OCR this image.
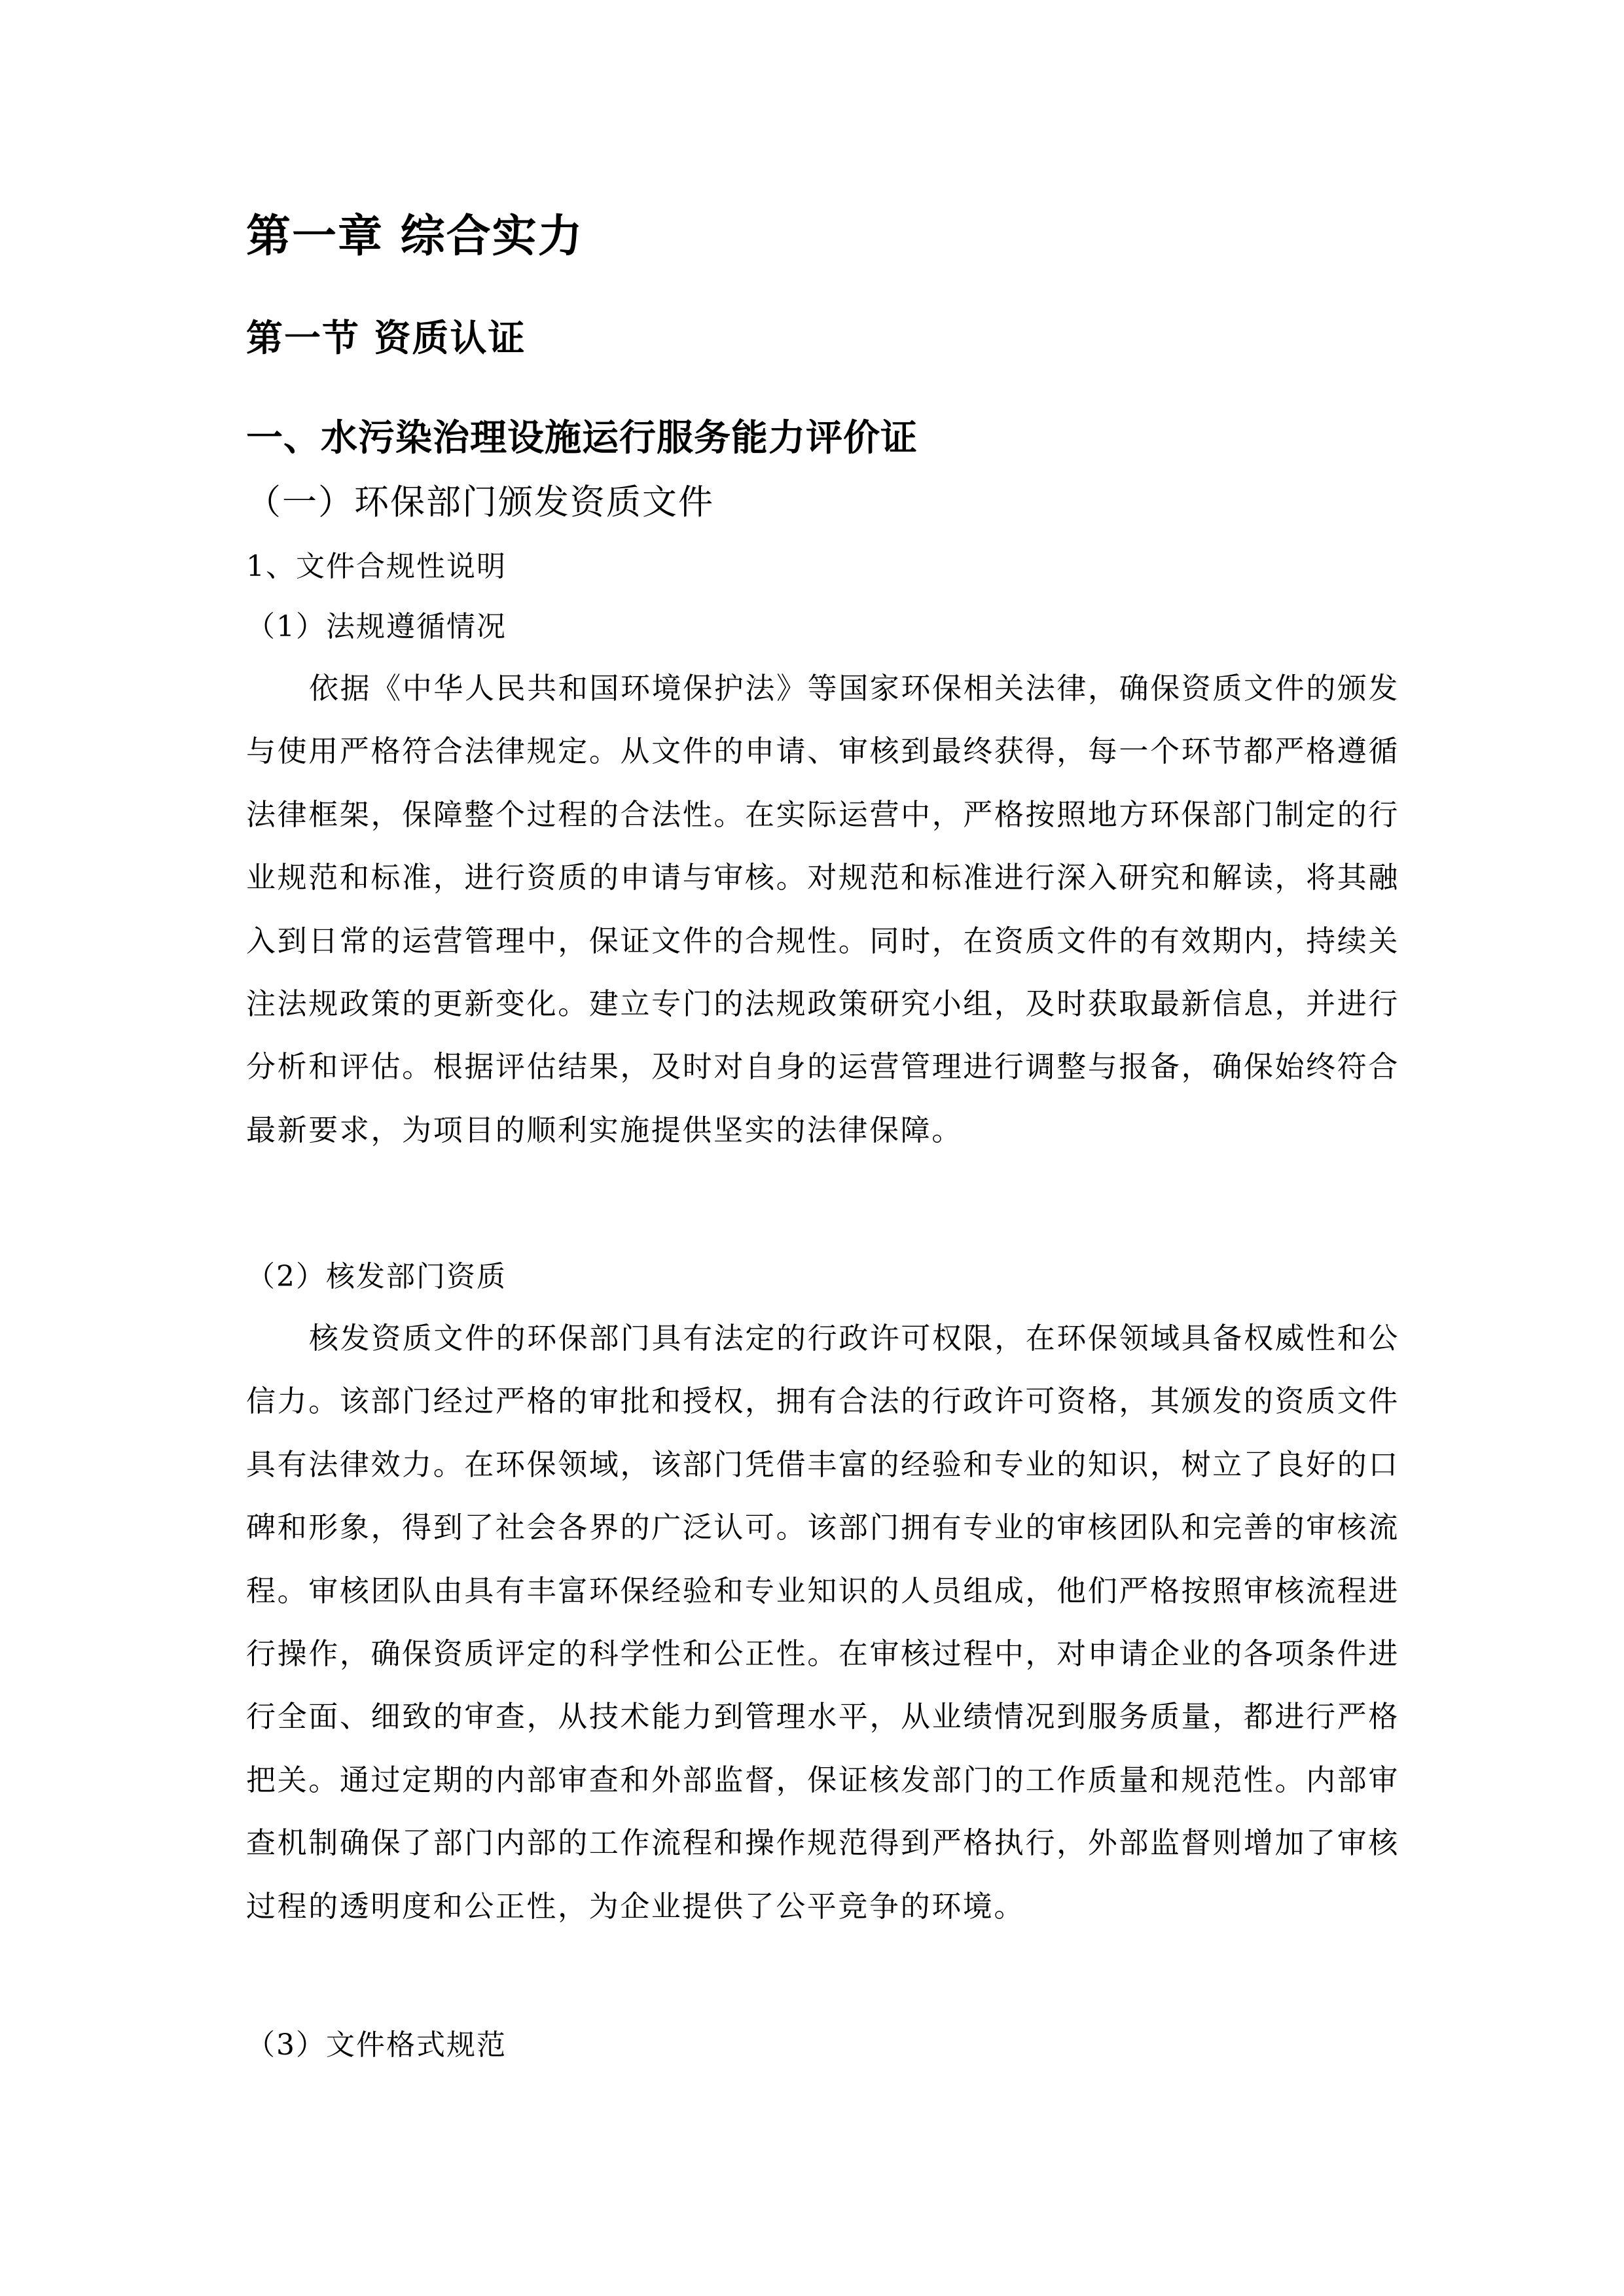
第一章 综合实力
第一节 资质认证
一、水污染治理设施运行服务能力评价证
（一）环保部门颁发资质文件
1、文件合规性说明
（1）法规遵循情况

依据《中华人民共和国环境保护法》等国家环保相关法律，确保资质文件的颁发与使用严格符合法律规定。从文件的申请、审核到最终获得，每一个环节都严格遵循法律框架，保障整个过程的合法性。在实际运营中，严格按照地方环保部门制定的行业规范和标准，进行资质的申请与审核。对规范和标准进行深入研究和解读，将其融入到日常的运营管理中，保证文件的合规性。同时，在资质文件的有效期内，持续关注法规政策的更新变化。建立专门的法规政策研究小组，及时获取最新信息，并进行分析和评估。根据评估结果，及时对自身的运营管理进行调整与报备，确保始终符合最新要求，为项目的顺利实施提供坚实的法律保障。

（2）核发部门资质

核发资质文件的环保部门具有法定的行政许可权限，在环保领域具备权威性和公信力。该部门经过严格的审批和授权，拥有合法的行政许可资格，其颁发的资质文件具有法律效力。在环保领域，该部门凭借丰富的经验和专业的知识，树立了良好的口碑和形象，得到了社会各界的广泛认可。该部门拥有专业的审核团队和完善的审核流程。审核团队由具有丰富环保经验和专业知识的人员组成，他们严格按照审核流程进行操作，确保资质评定的科学性和公正性。在审核过程中，对申请企业的各项条件进行全面、细致的审查，从技术能力到管理水平，从业绩情况到服务质量，都进行严格把关。通过定期的内部审查和外部监督，保证核发部门的工作质量和规范性。内部审查机制确保了部门内部的工作流程和操作规范得到严格执行，外部监督则增加了审核过程的透明度和公正性，为企业提供了公平竞争的环境。

（3）文件格式规范
